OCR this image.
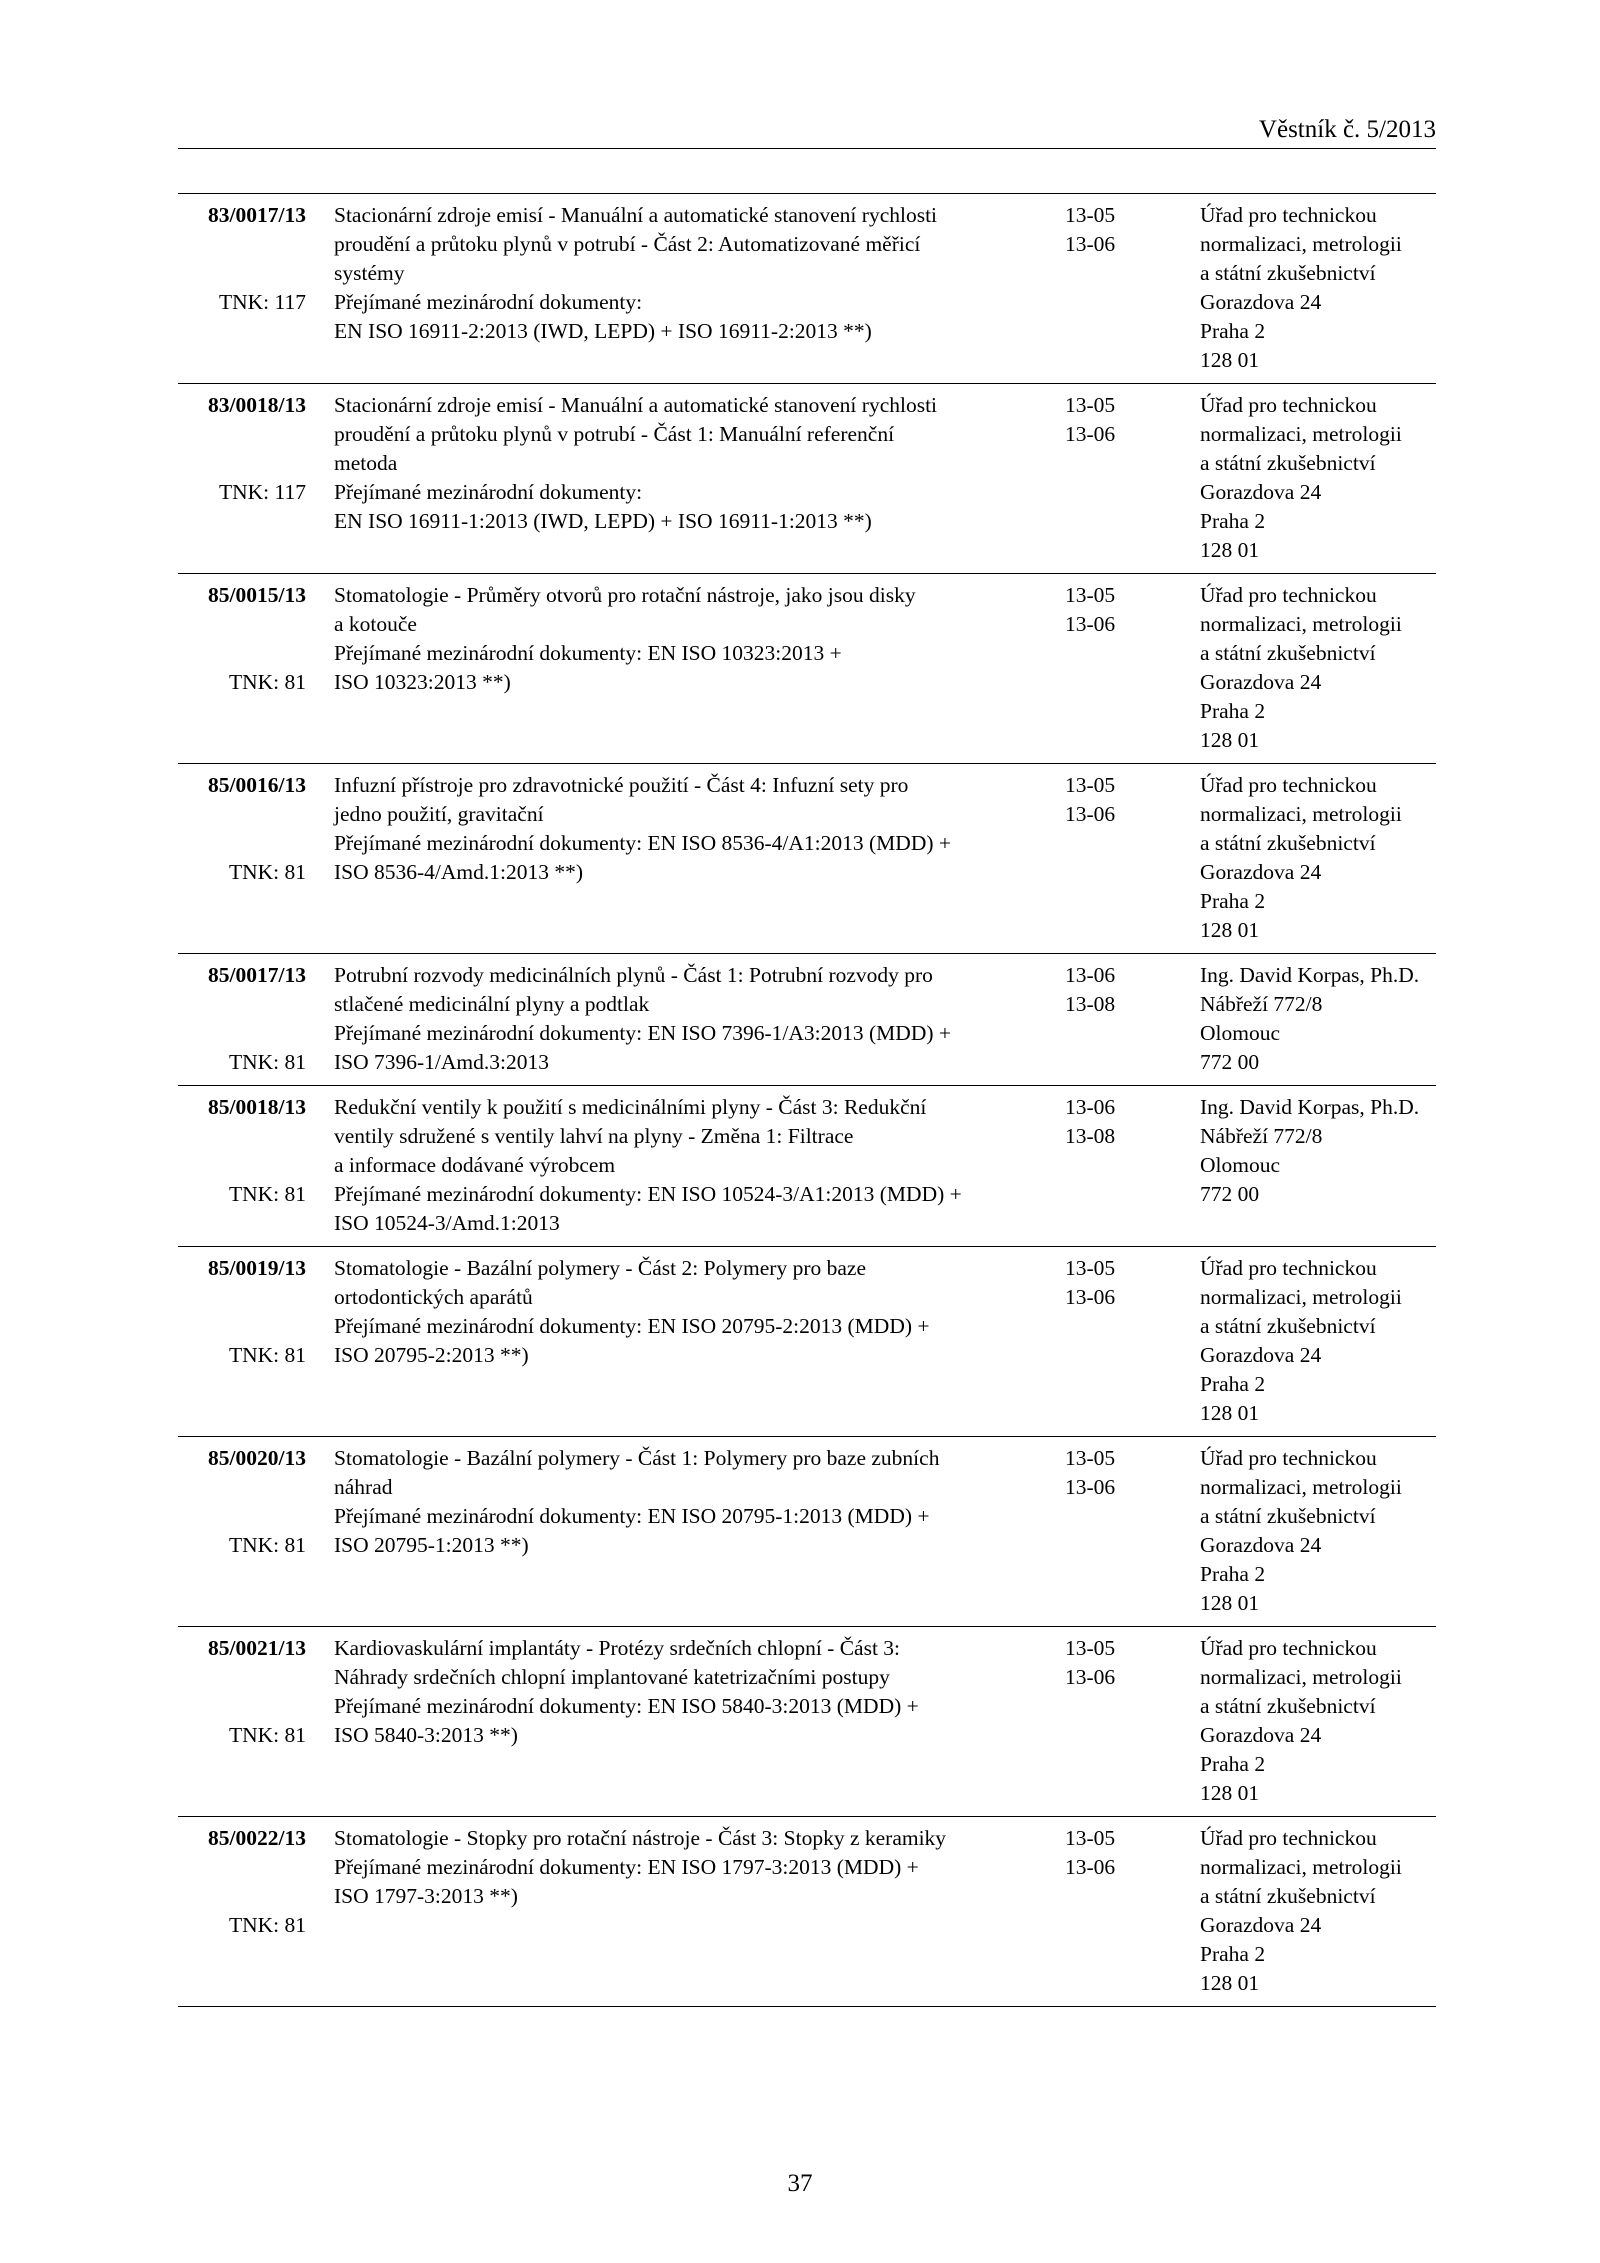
Věstník č. 5/2013
83/0017/13
TNK: 117
Stacionární zdroje emisí - Manuální a automatické stanovení rychlosti
proudění a průtoku plynů v potrubí - Část 2: Automatizované měřicí
systémy
Přejímané mezinárodní dokumenty:
EN ISO 16911-2:2013 (IWD, LEPD) + ISO 16911-2:2013 **)
13-05
13-06
Úřad pro technickou
normalizaci, metrologii
a státní zkušebnictví
Gorazdova 24
Praha 2
128 01
83/0018/13
TNK: 117
Stacionární zdroje emisí - Manuální a automatické stanovení rychlosti
proudění a průtoku plynů v potrubí - Část 1: Manuální referenční
metoda
Přejímané mezinárodní dokumenty:
EN ISO 16911-1:2013 (IWD, LEPD) + ISO 16911-1:2013 **)
13-05
13-06
Úřad pro technickou
normalizaci, metrologii
a státní zkušebnictví
Gorazdova 24
Praha 2
128 01
85/0015/13
TNK: 81
Stomatologie - Průměry otvorů pro rotační nástroje, jako jsou disky
a kotouče
Přejímané mezinárodní dokumenty: EN ISO 10323:2013 +
ISO 10323:2013 **)
13-05
13-06
Úřad pro technickou
normalizaci, metrologii
a státní zkušebnictví
Gorazdova 24
Praha 2
128 01
85/0016/13
TNK: 81
Infuzní přístroje pro zdravotnické použití - Část 4: Infuzní sety pro
jedno použití, gravitační
Přejímané mezinárodní dokumenty: EN ISO 8536-4/A1:2013 (MDD) +
ISO 8536-4/Amd.1:2013 **)
13-05
13-06
Úřad pro technickou
normalizaci, metrologii
a státní zkušebnictví
Gorazdova 24
Praha 2
128 01
85/0017/13
TNK: 81
Potrubní rozvody medicinálních plynů - Část 1: Potrubní rozvody pro
stlačené medicinální plyny a podtlak
Přejímané mezinárodní dokumenty: EN ISO 7396-1/A3:2013 (MDD) +
ISO 7396-1/Amd.3:2013
13-06
13-08
Ing. David Korpas, Ph.D.
Nábřeží 772/8
Olomouc
772 00
85/0018/13
TNK: 81
Redukční ventily k použití s medicinálními plyny - Část 3: Redukční
ventily sdružené s ventily lahví na plyny - Změna 1: Filtrace
a informace dodávané výrobcem
Přejímané mezinárodní dokumenty: EN ISO 10524-3/A1:2013 (MDD) +
ISO 10524-3/Amd.1:2013
13-06
13-08
Ing. David Korpas, Ph.D.
Nábřeží 772/8
Olomouc
772 00
85/0019/13
TNK: 81
Stomatologie - Bazální polymery - Část 2: Polymery pro baze
ortodontických aparátů
Přejímané mezinárodní dokumenty: EN ISO 20795-2:2013 (MDD) +
ISO 20795-2:2013 **)
13-05
13-06
Úřad pro technickou
normalizaci, metrologii
a státní zkušebnictví
Gorazdova 24
Praha 2
128 01
85/0020/13
TNK: 81
Stomatologie - Bazální polymery - Část 1: Polymery pro baze zubních
náhrad
Přejímané mezinárodní dokumenty: EN ISO 20795-1:2013 (MDD) +
ISO 20795-1:2013 **)
13-05
13-06
Úřad pro technickou
normalizaci, metrologii
a státní zkušebnictví
Gorazdova 24
Praha 2
128 01
85/0021/13
TNK: 81
Kardiovaskulární implantáty - Protézy srdečních chlopní - Část 3:
Náhrady srdečních chlopní implantované katetrizačními postupy
Přejímané mezinárodní dokumenty: EN ISO 5840-3:2013 (MDD) +
ISO 5840-3:2013 **)
13-05
13-06
Úřad pro technickou
normalizaci, metrologii
a státní zkušebnictví
Gorazdova 24
Praha 2
128 01
85/0022/13
TNK: 81
Stomatologie - Stopky pro rotační nástroje - Část 3: Stopky z keramiky
Přejímané mezinárodní dokumenty: EN ISO 1797-3:2013 (MDD) +
ISO 1797-3:2013 **)
13-05
13-06
Úřad pro technickou
normalizaci, metrologii
a státní zkušebnictví
Gorazdova 24
Praha 2
128 01
37
